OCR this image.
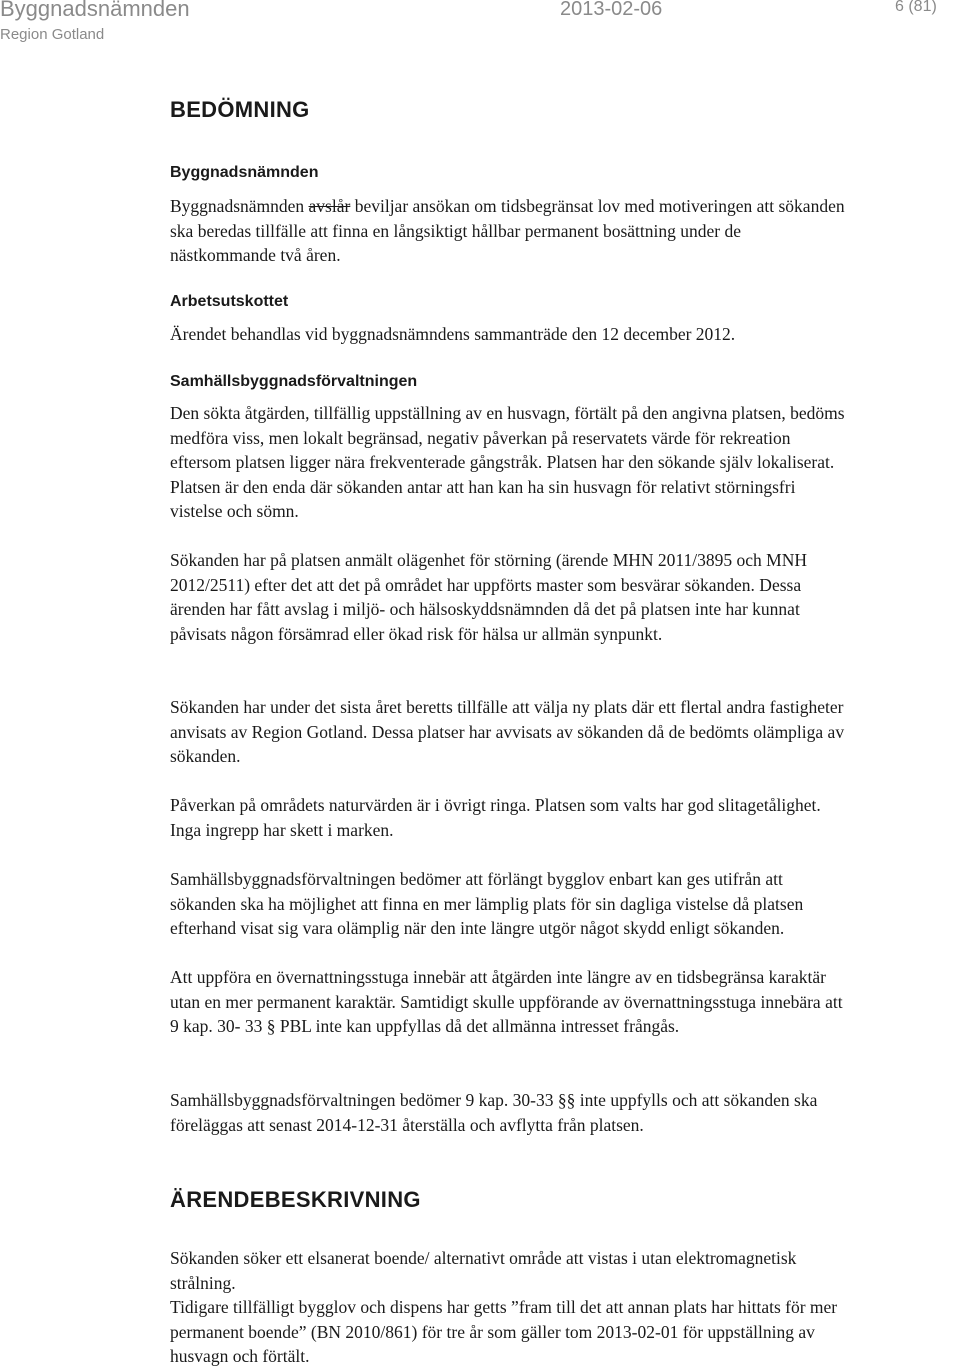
Byggnadsnämnden
Region Gotland
2013-02-06	6 (81)
BEDÖMNING
Byggnadsnämnden
Byggnadsnämnden avslår beviljar ansökan om tidsbegränsat lov med motiveringen att sökanden ska beredas tillfälle att finna en långsiktigt hållbar permanent bosättning under de nästkommande två åren.
Arbetsutskottet
Ärendet behandlas vid byggnadsnämndens sammanträde den 12 december 2012.
Samhällsbyggnadsförvaltningen
Den sökta åtgärden, tillfällig uppställning av en husvagn, förtält på den angivna platsen, bedöms medföra viss, men lokalt begränsad, negativ påverkan på reservatets värde för rekreation eftersom platsen ligger nära frekventerade gångstråk. Platsen har den sökande själv lokaliserat. Platsen är den enda där sökanden antar att han kan ha sin husvagn för relativt störningsfri vistelse och sömn.
Sökanden har på platsen anmält olägenhet för störning (ärende MHN 2011/3895 och MNH 2012/2511) efter det att det på området har uppförts master som besvärar sökanden. Dessa ärenden har fått avslag i miljö- och hälsoskyddsnämnden då det på platsen inte har kunnat påvisats någon försämrad eller ökad risk för hälsa ur allmän synpunkt.
Sökanden har under det sista året beretts tillfälle att välja ny plats där ett flertal andra fastigheter anvisats av Region Gotland. Dessa platser har avvisats av sökanden då de bedömts olämpliga av sökanden.
Påverkan på områdets naturvärden är i övrigt ringa. Platsen som valts har god slitagetålighet. Inga ingrepp har skett i marken.
Samhällsbyggnadsförvaltningen bedömer att förlängt bygglov enbart kan ges utifrån att sökanden ska ha möjlighet att finna en mer lämplig plats för sin dagliga vistelse då platsen efterhand visat sig vara olämplig när den inte längre utgör något skydd enligt sökanden.
Att uppföra en övernattningsstuga innebär att åtgärden inte längre av en tidsbegränsa karaktär utan en mer permanent karaktär. Samtidigt skulle uppförande av övernattningsstuga innebära att 9 kap. 30- 33 § PBL inte kan uppfyllas då det allmänna intresset frångås.
Samhällsbyggnadsförvaltningen bedömer 9 kap. 30-33 §§ inte uppfylls och att sökanden ska föreläggas att senast 2014-12-31 återställa och avflytta från platsen.
ÄRENDEBESKRIVNING
Sökanden söker ett elsanerat boende/ alternativt område att vistas i utan elektromagnetisk strålning.
Tidigare tillfälligt bygglov och dispens har getts ”fram till det att annan plats har hittats för mer permanent boende” (BN 2010/861) för tre år som gäller tom 2013-02-01 för uppställning av husvagn och förtält.
